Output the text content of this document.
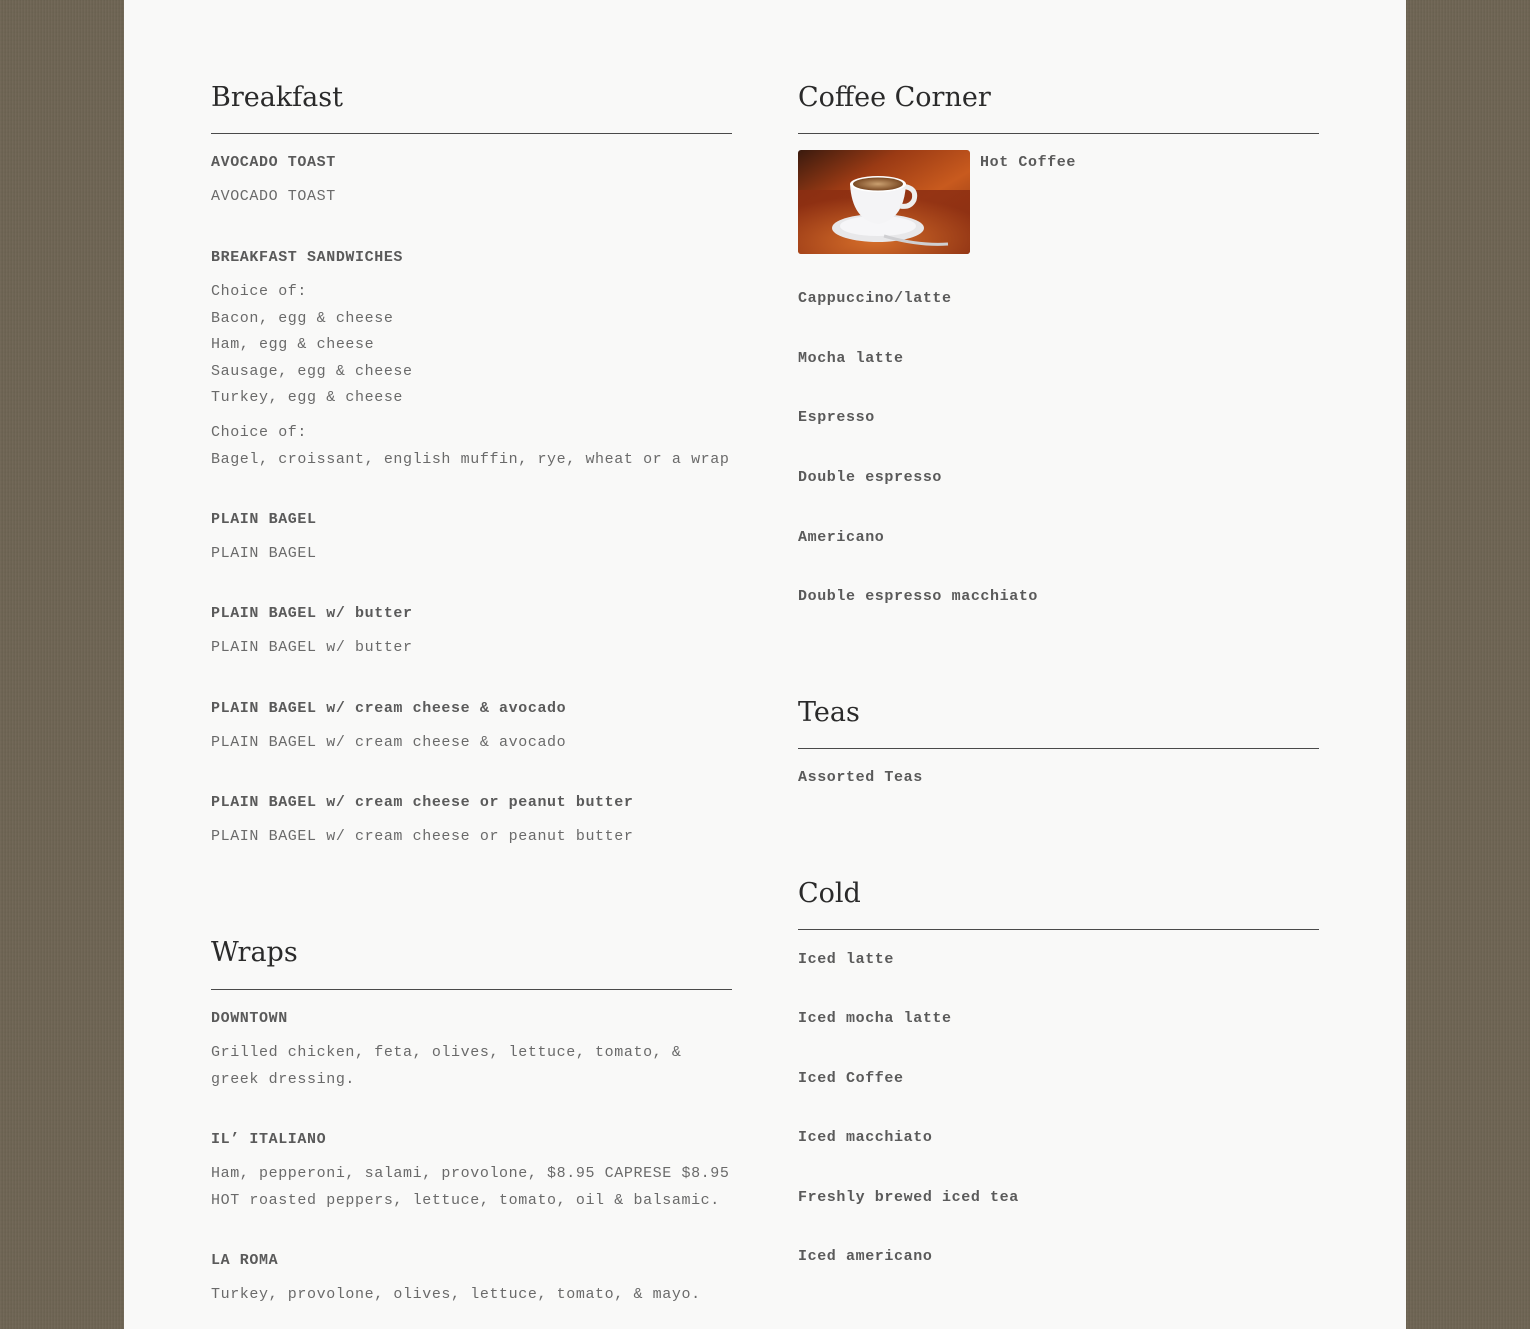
Breakfast
AVOCADO TOAST
AVOCADO TOAST
BREAKFAST SANDWICHES
Choice of:
Bacon, egg & cheese
Ham, egg & cheese
Sausage, egg & cheese
Turkey, egg & cheese
Choice of:
Bagel, croissant, english muffin, rye, wheat or a wrap
PLAIN BAGEL
PLAIN BAGEL
PLAIN BAGEL w/ butter
PLAIN BAGEL w/ butter
PLAIN BAGEL w/ cream cheese & avocado
PLAIN BAGEL w/ cream cheese & avocado
PLAIN BAGEL w/ cream cheese or peanut butter
PLAIN BAGEL w/ cream cheese or peanut butter
Wraps
DOWNTOWN
Grilled chicken, feta, olives, lettuce, tomato, & greek dressing.
IL’ ITALIANO
Ham, pepperoni, salami, provolone, $8.95 CAPRESE $8.95 HOT roasted peppers, lettuce, tomato, oil & balsamic.
LA ROMA
Turkey, provolone, olives, lettuce, tomato, & mayo.
Coffee Corner
Hot Coffee
Cappuccino/latte
Mocha latte
Espresso
Double espresso
Americano
Double espresso macchiato
Teas
Assorted Teas
Cold
Iced latte
Iced mocha latte
Iced Coffee
Iced macchiato
Freshly brewed iced tea
Iced americano
